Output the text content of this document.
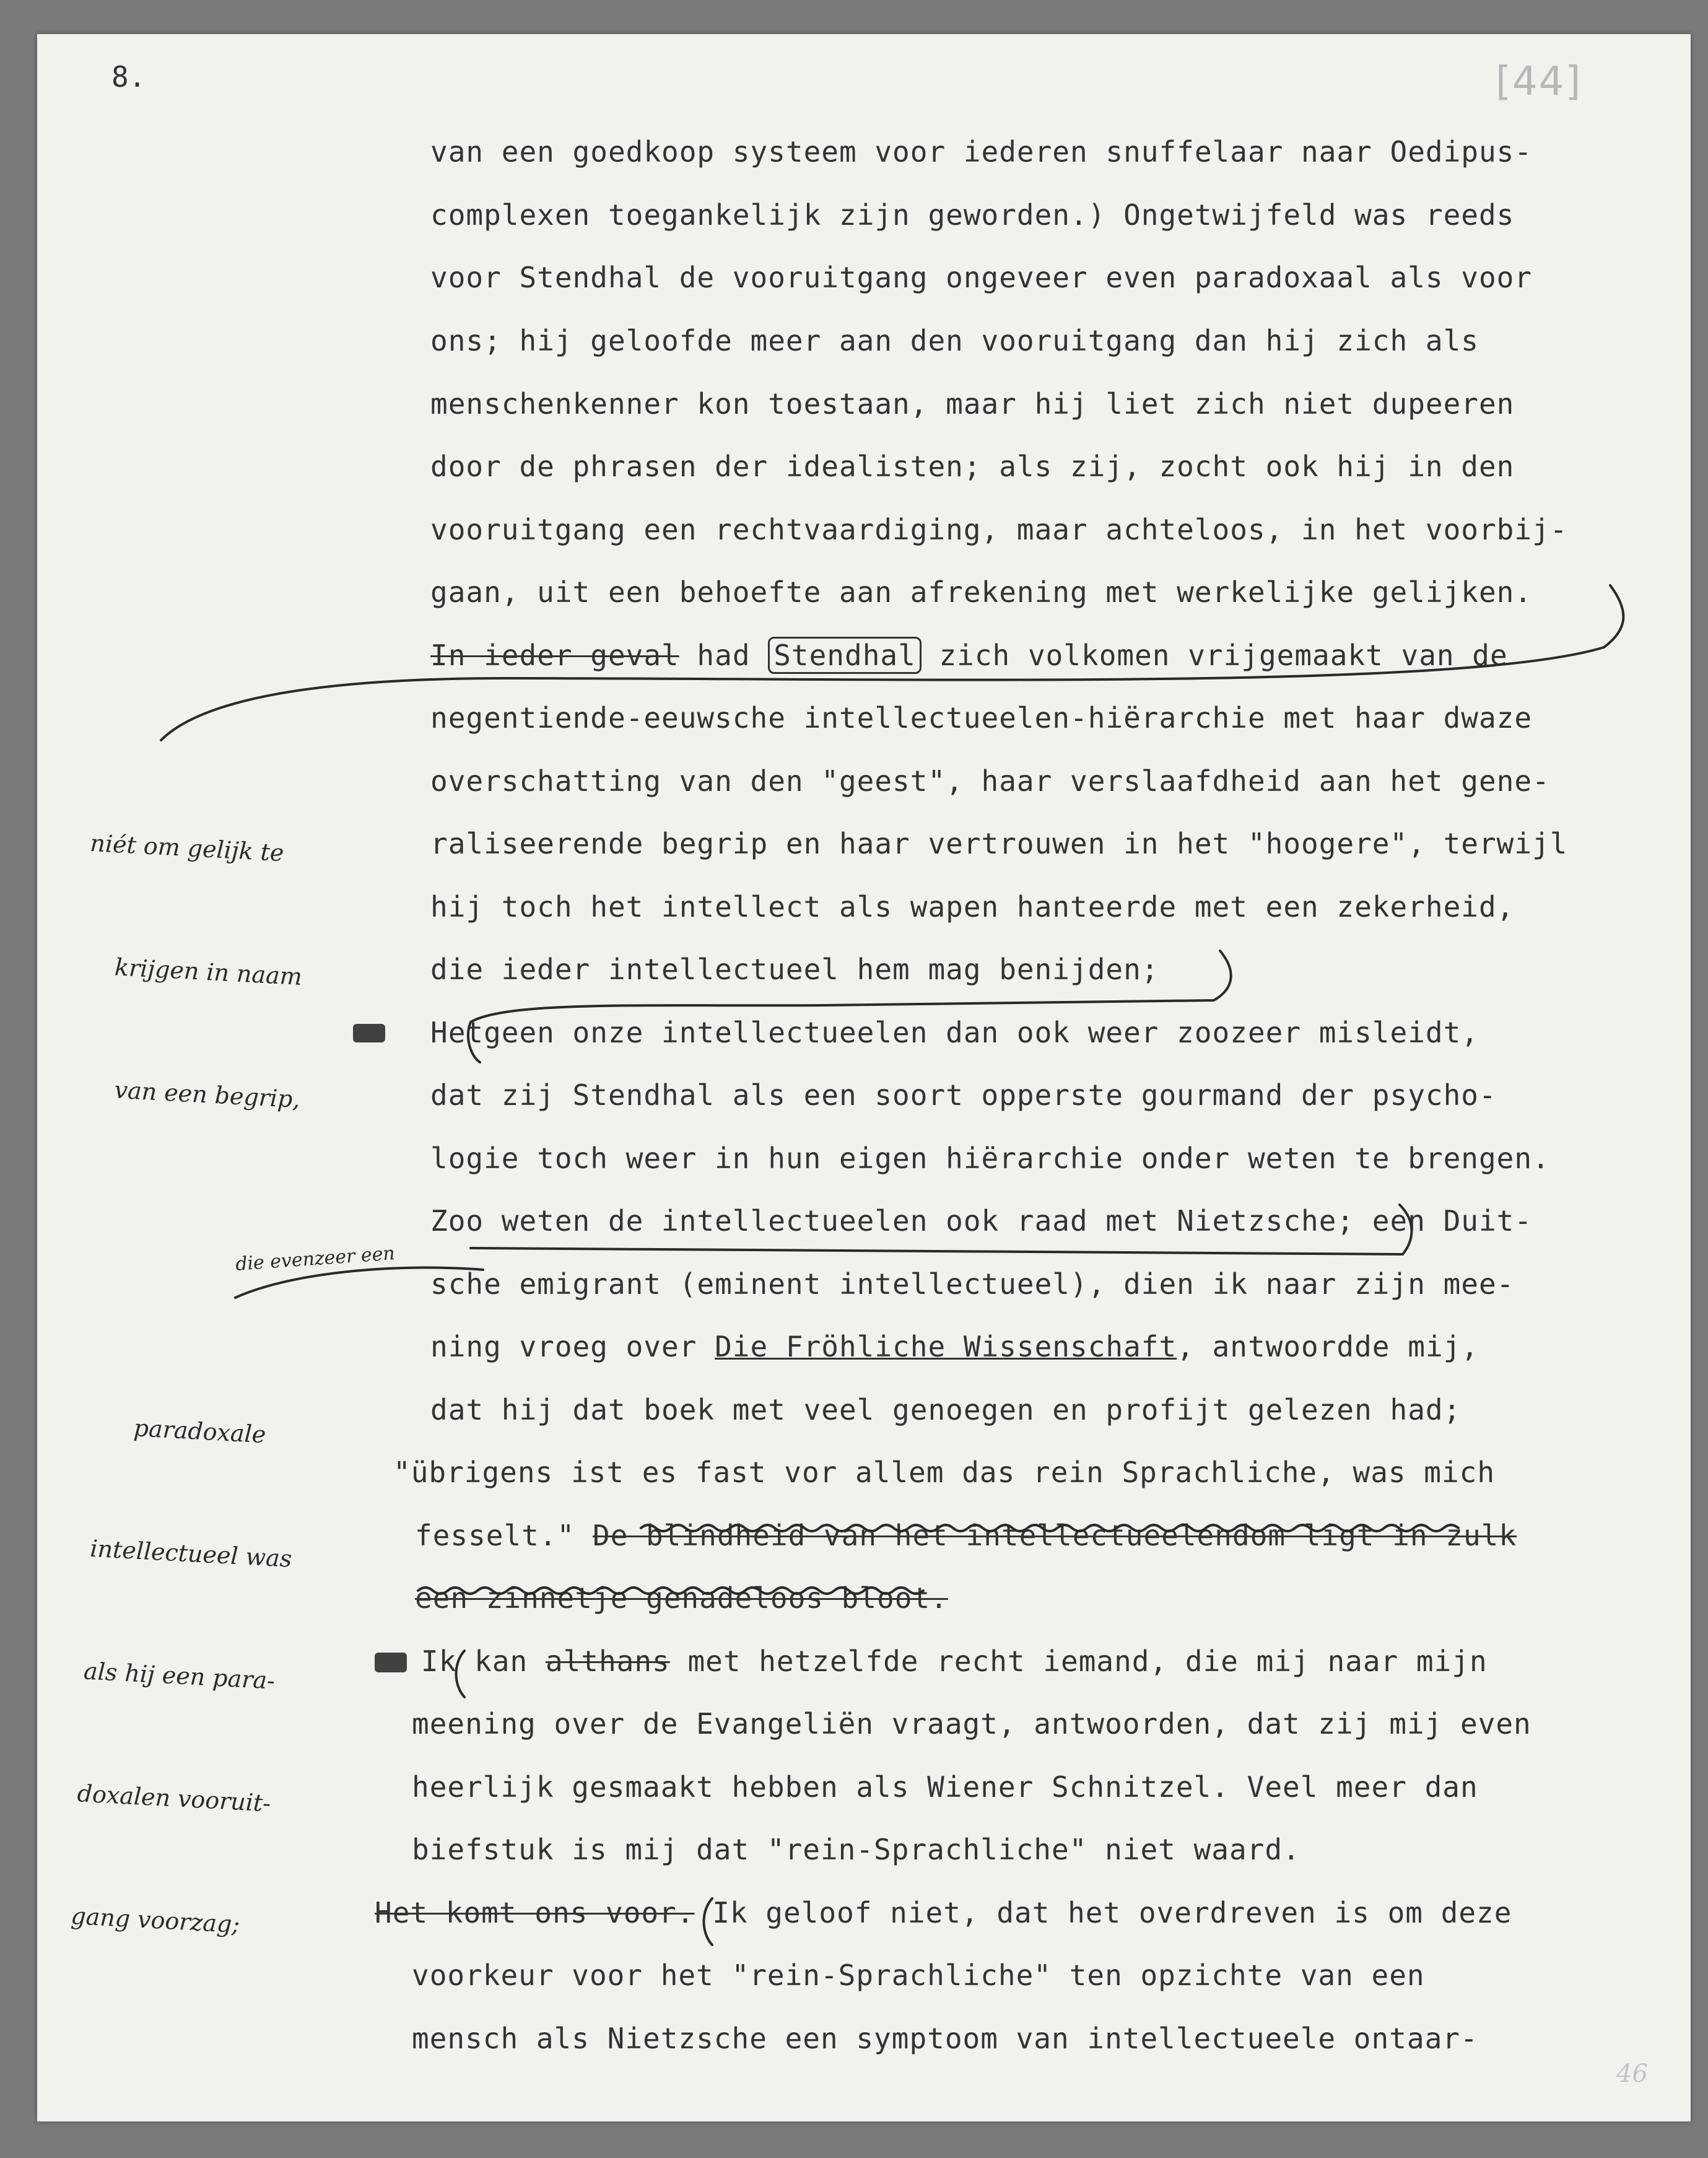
8.	[44]
van een goedkoop systeem voor iederen snuffelaar naar Oedipus-
complexen toegankelijk zijn geworden.) Ongetwijfeld was reeds
voor Stendhal de vooruitgang ongeveer even paradoxaal als voor
ons; hij geloofde meer aan den vooruitgang dan hij zich als
menschenkenner kon toestaan, maar hij liet zich niet dupeeren
door de phrasen der idealisten; als zij, zocht ook hij in den
vooruitgang een rechtvaardiging, maar achteloos, in het voorbij-
gaan, uit een behoefte aan afrekening met werkelijke gelijken.
In ieder geval had Stendhal zich volkomen vrijgemaakt van de
negentiende-eeuwsche intellectueelen-hiërarchie met haar dwaze
overschatting van den "geest", haar verslaafdheid aan het gene-
raliseerende begrip en haar vertrouwen in het "hoogere", terwijl
hij toch het intellect als wapen hanteerde met een zekerheid,
die ieder intellectueel hem mag benijden;
Hetgeen onze intellectueelen dan ook weer zoozeer misleidt,
dat zij Stendhal als een soort opperste gourmand der psycho-
logie toch weer in hun eigen hiërarchie onder weten te brengen.
Zoo weten de intellectueelen ook raad met Nietzsche; een Duit-
sche emigrant (eminent intellectueel), dien ik naar zijn mee-
ning vroeg over Die Fröhliche Wissenschaft, antwoordde mij,
dat hij dat boek met veel genoegen en profijt gelezen had;
"übrigens ist es fast vor allem das rein Sprachliche, was mich
fesselt." De blindheid van het intellectueelendom ligt in zulk
een zinnetje genadeloos bloot.
Ik kan althans met hetzelfde recht iemand, die mij naar mijn
meening over de Evangeliën vraagt, antwoorden, dat zij mij even
heerlijk gesmaakt hebben als Wiener Schnitzel. Veel meer dan
biefstuk is mij dat "rein-Sprachliche" niet waard.
Het komt ons voor. Ik geloof niet, dat het overdreven is om deze
voorkeur voor het "rein-Sprachliche" ten opzichte van een
mensch als Nietzsche een symptoom van intellectueele ontaar-

niét om gelijk te

krijgen in naam

van een begrip,

die evenzeer een

paradoxale

intellectueel was

als hij een para-

doxalen vooruit-

gang voorzag;

46
